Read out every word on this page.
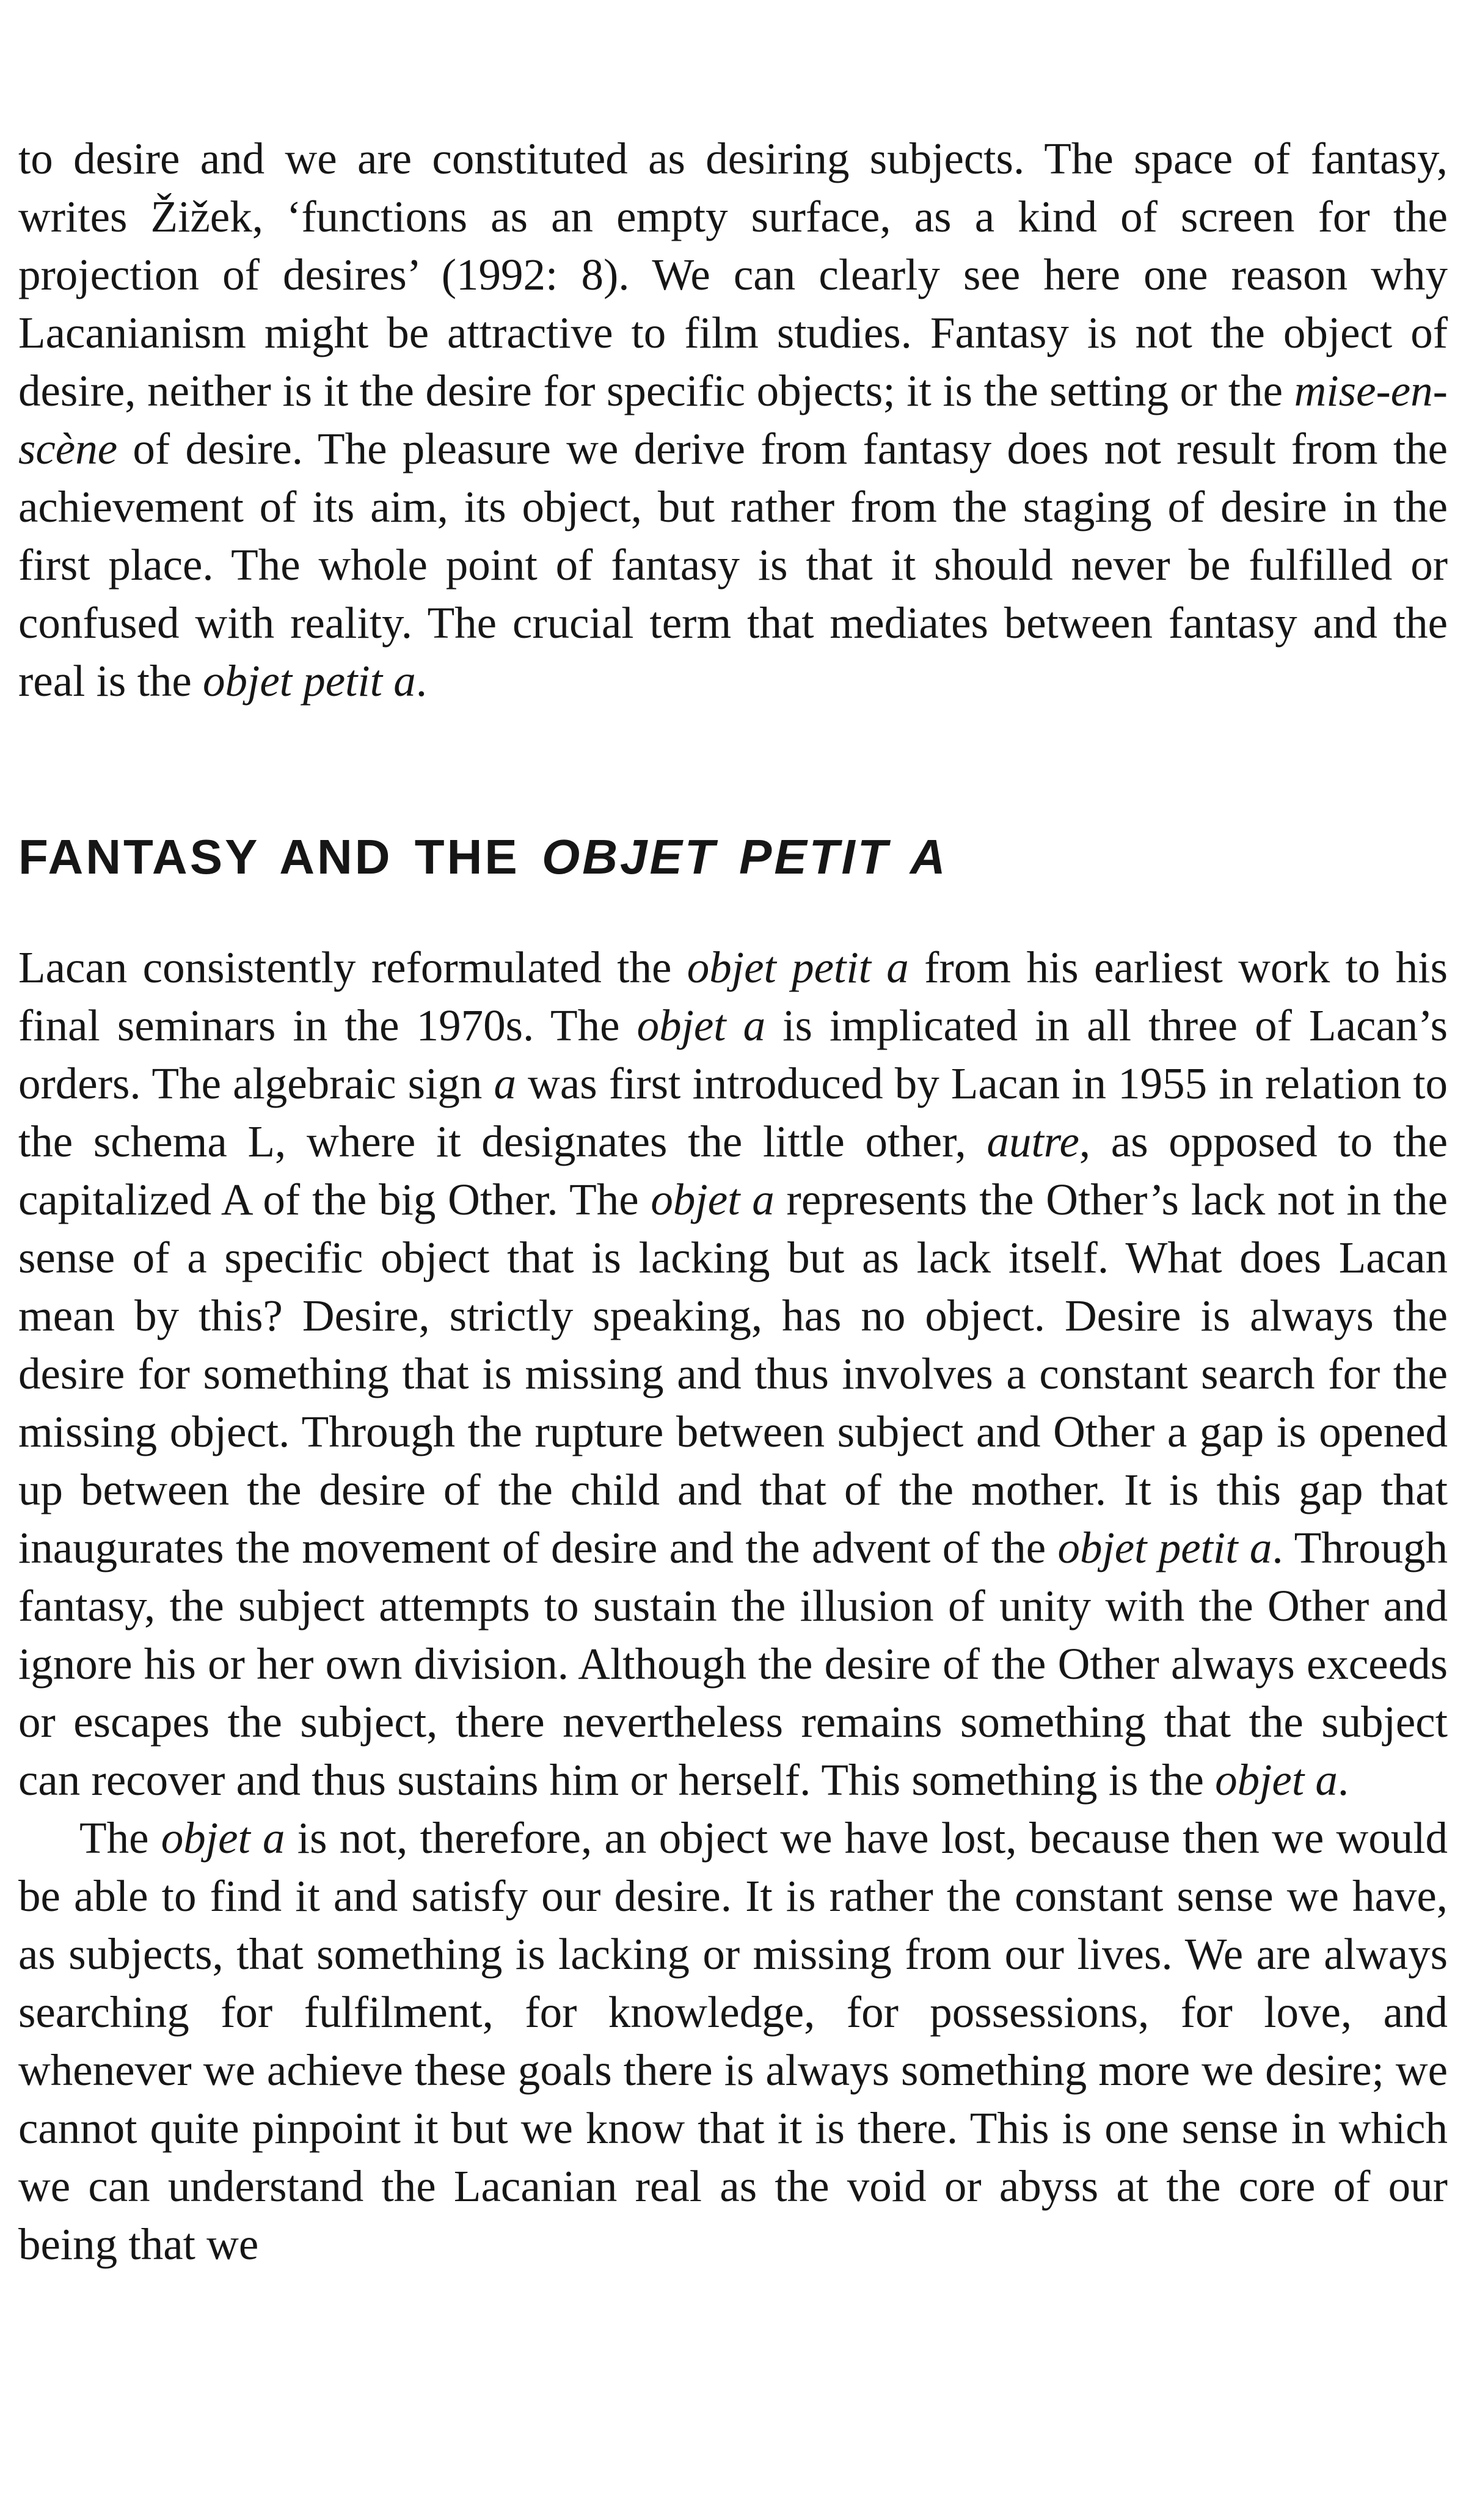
to desire and we are constituted as desiring subjects. The space of fantasy, writes Žižek, ‘functions as an empty surface, as a kind of screen for the projection of desires’ (1992: 8). We can clearly see here one reason why Lacanianism might be attractive to film studies. Fantasy is not the object of desire, neither is it the desire for specific objects; it is the setting or the mise-en-scène of desire. The pleasure we derive from fantasy does not result from the achievement of its aim, its object, but rather from the staging of desire in the first place. The whole point of fantasy is that it should never be fulfilled or confused with reality. The crucial term that mediates between fantasy and the real is the objet petit a.

FANTASY AND THE OBJET PETIT A

Lacan consistently reformulated the objet petit a from his earliest work to his final seminars in the 1970s. The objet a is implicated in all three of Lacan’s orders. The algebraic sign a was first introduced by Lacan in 1955 in relation to the schema L, where it designates the little other, autre, as opposed to the capitalized A of the big Other. The objet a represents the Other’s lack not in the sense of a specific object that is lacking but as lack itself. What does Lacan mean by this? Desire, strictly speaking, has no object. Desire is always the desire for something that is missing and thus involves a constant search for the missing object. Through the rupture between subject and Other a gap is opened up between the desire of the child and that of the mother. It is this gap that inaugurates the movement of desire and the advent of the objet petit a. Through fantasy, the subject attempts to sustain the illusion of unity with the Other and ignore his or her own division. Although the desire of the Other always exceeds or escapes the subject, there nevertheless remains something that the subject can recover and thus sustains him or herself. This something is the objet a.

The objet a is not, therefore, an object we have lost, because then we would be able to find it and satisfy our desire. It is rather the constant sense we have, as subjects, that something is lacking or missing from our lives. We are always searching for fulfilment, for knowledge, for possessions, for love, and whenever we achieve these goals there is always something more we desire; we cannot quite pinpoint it but we know that it is there. This is one sense in which we can understand the Lacanian real as the void or abyss at the core of our being that we
